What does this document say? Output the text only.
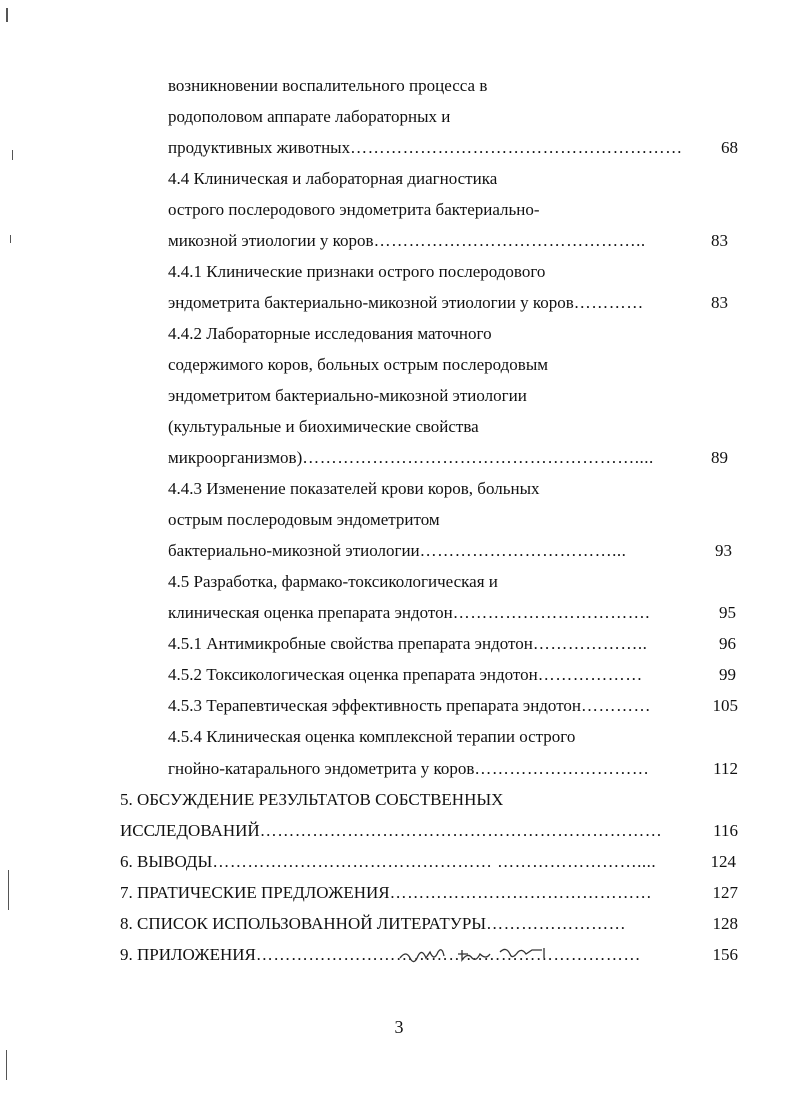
возникновении воспалительного процесса в
родополовом аппарате лабораторных и
продуктивных животных…………………………………………………	68
4.4 Клиническая и лабораторная диагностика
острого послеродового эндометрита бактериально-
микозной этиологии у коров………………………………………..	83
4.4.1 Клинические признаки острого послеродового
эндометрита бактериально-микозной этиологии у коров…………	83
4.4.2 Лабораторные исследования маточного
содержимого коров, больных острым послеродовым
эндометритом бактериально-микозной этиологии
(культуральные и биохимические свойства
микроорганизмов)…………………………………………………....	89
4.4.3 Изменение показателей крови коров, больных
острым послеродовым эндометритом
бактериально-микозной этиологии……………………………...	93
4.5 Разработка, фармако-токсикологическая и
клиническая оценка препарата эндотон…………………………….	95
4.5.1 Антимикробные свойства препарата эндотон………………..	96
4.5.2 Токсикологическая оценка препарата эндотон………………	99
4.5.3 Терапевтическая эффективность препарата эндотон…………	105
4.5.4 Клиническая оценка комплексной терапии острого
гнойно-катарального эндометрита у коров…………………………	112
5. ОБСУЖДЕНИЕ РЕЗУЛЬТАТОВ СОБСТВЕННЫХ
ИССЛЕДОВАНИЙ……………………………………………………………	116
6. ВЫВОДЫ………………………………………… ……………………....	124
7. ПРАТИЧЕСКИЕ ПРЕДЛОЖЕНИЯ………………………………………	127
8. СПИСОК ИСПОЛЬЗОВАННОЙ ЛИТЕРАТУРЫ……………………	128
9. ПРИЛОЖЕНИЯ…………………………………………………………	156
3
